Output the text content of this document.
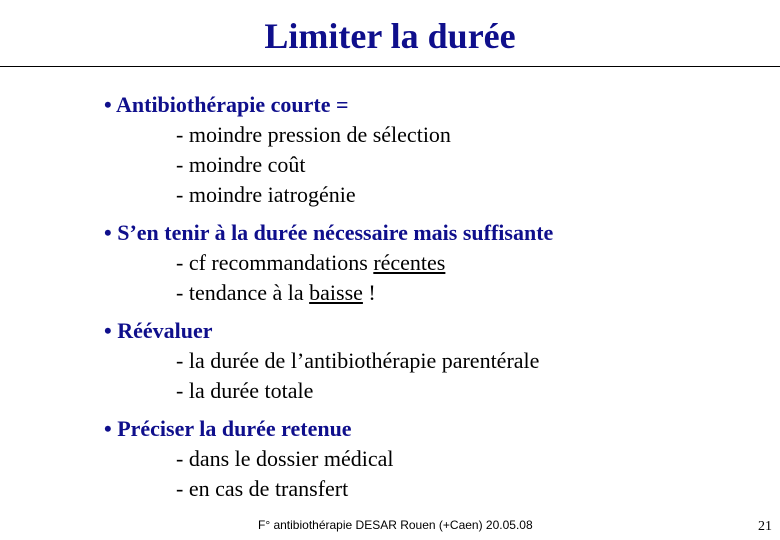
Limiter la durée

• Antibiothérapie courte =

- moindre pression de sélection

- moindre coût

- moindre iatrogénie

• S’en tenir à la durée nécessaire mais suffisante

- cf recommandations récentes

- tendance à la baisse !

• Réévaluer

- la durée de l’antibiothérapie parentérale

- la durée totale

• Préciser la durée retenue

- dans le dossier médical

- en cas de transfert

F° antibiothérapie DESAR Rouen (+Caen) 20.05.08	21
